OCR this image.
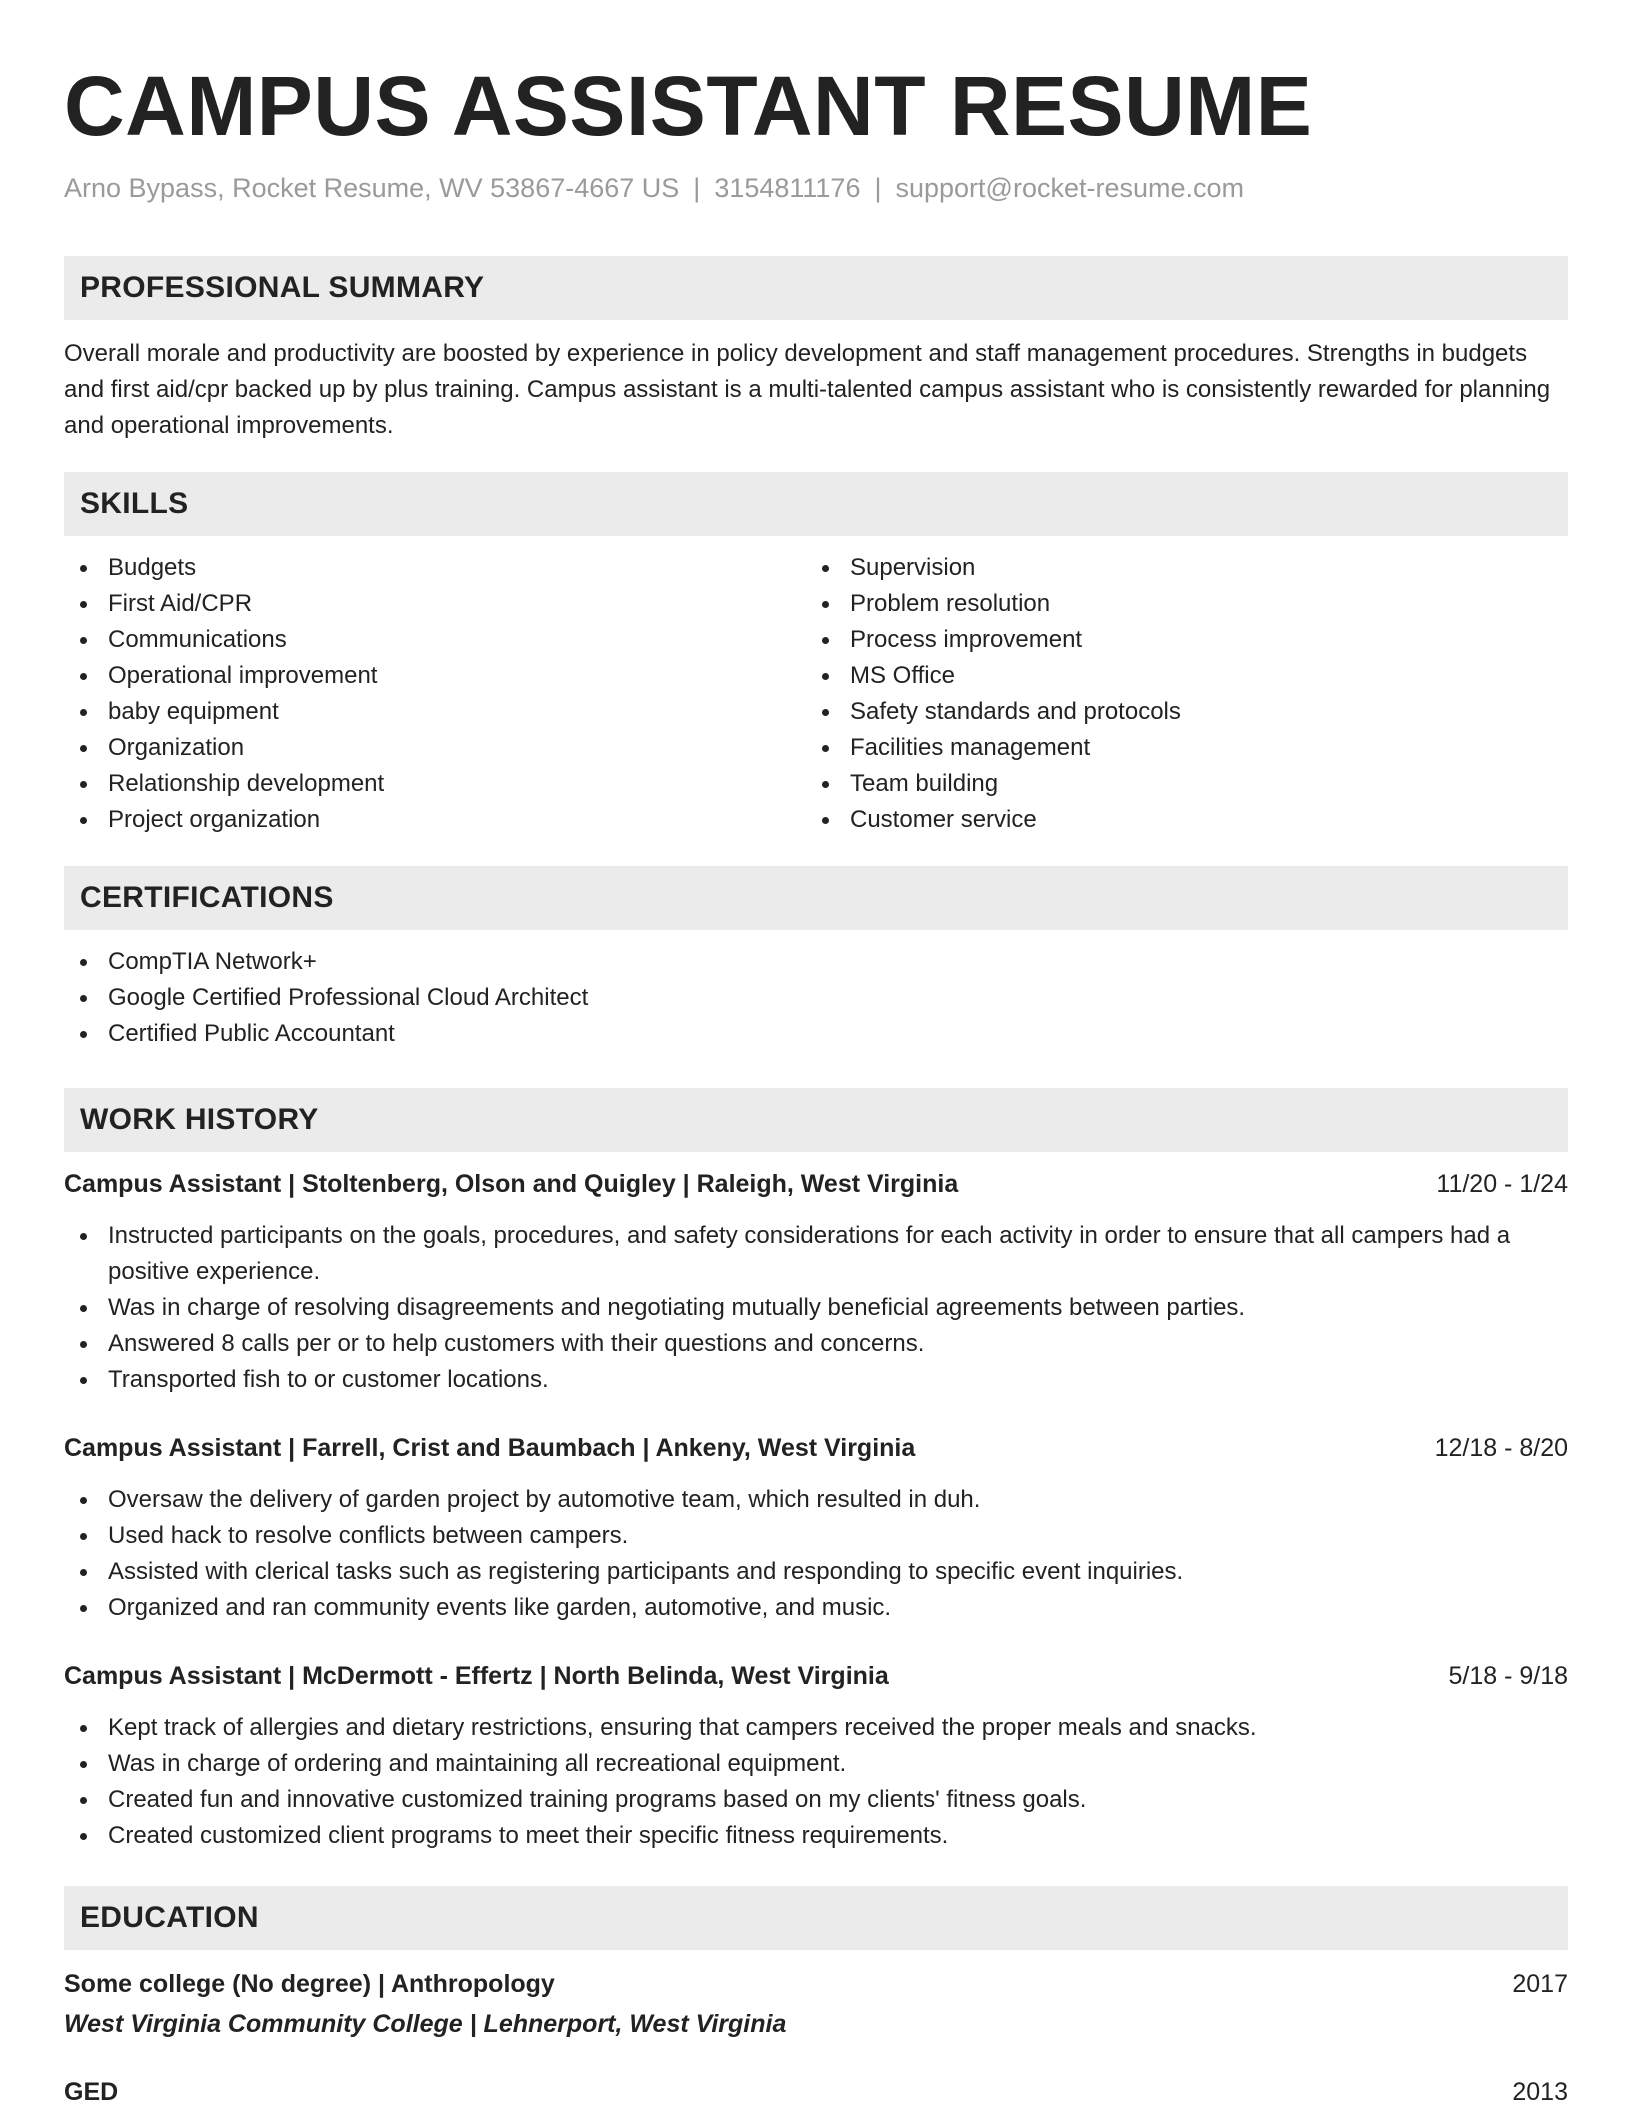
CAMPUS ASSISTANT RESUME
Arno Bypass, Rocket Resume, WV 53867-4667 US | 3154811176 | support@rocket-resume.com
PROFESSIONAL SUMMARY

Overall morale and productivity are boosted by experience in policy development and staff management procedures. Strengths in budgets and first aid/cpr backed up by plus training. Campus assistant is a multi-talented campus assistant who is consistently rewarded for planning and operational improvements.

SKILLS
Budgets
First Aid/CPR
Communications
Operational improvement
baby equipment
Organization
Relationship development
Project organization
Supervision
Problem resolution
Process improvement
MS Office
Safety standards and protocols
Facilities management
Team building
Customer service
CERTIFICATIONS
CompTIA Network+
Google Certified Professional Cloud Architect
Certified Public Accountant
WORK HISTORY
Campus Assistant | Stoltenberg, Olson and Quigley | Raleigh, West Virginia	11/20 - 1/24
Instructed participants on the goals, procedures, and safety considerations for each activity in order to ensure that all campers had a positive experience.
Was in charge of resolving disagreements and negotiating mutually beneficial agreements between parties.
Answered 8 calls per or to help customers with their questions and concerns.
Transported fish to or customer locations.
Campus Assistant | Farrell, Crist and Baumbach | Ankeny, West Virginia	12/18 - 8/20
Oversaw the delivery of garden project by automotive team, which resulted in duh.
Used hack to resolve conflicts between campers.
Assisted with clerical tasks such as registering participants and responding to specific event inquiries.
Organized and ran community events like garden, automotive, and music.
Campus Assistant | McDermott - Effertz | North Belinda, West Virginia	5/18 - 9/18
Kept track of allergies and dietary restrictions, ensuring that campers received the proper meals and snacks.
Was in charge of ordering and maintaining all recreational equipment.
Created fun and innovative customized training programs based on my clients' fitness goals.
Created customized client programs to meet their specific fitness requirements.
EDUCATION
Some college (No degree) | Anthropology	2017
West Virginia Community College | Lehnerport, West Virginia
GED	2013
